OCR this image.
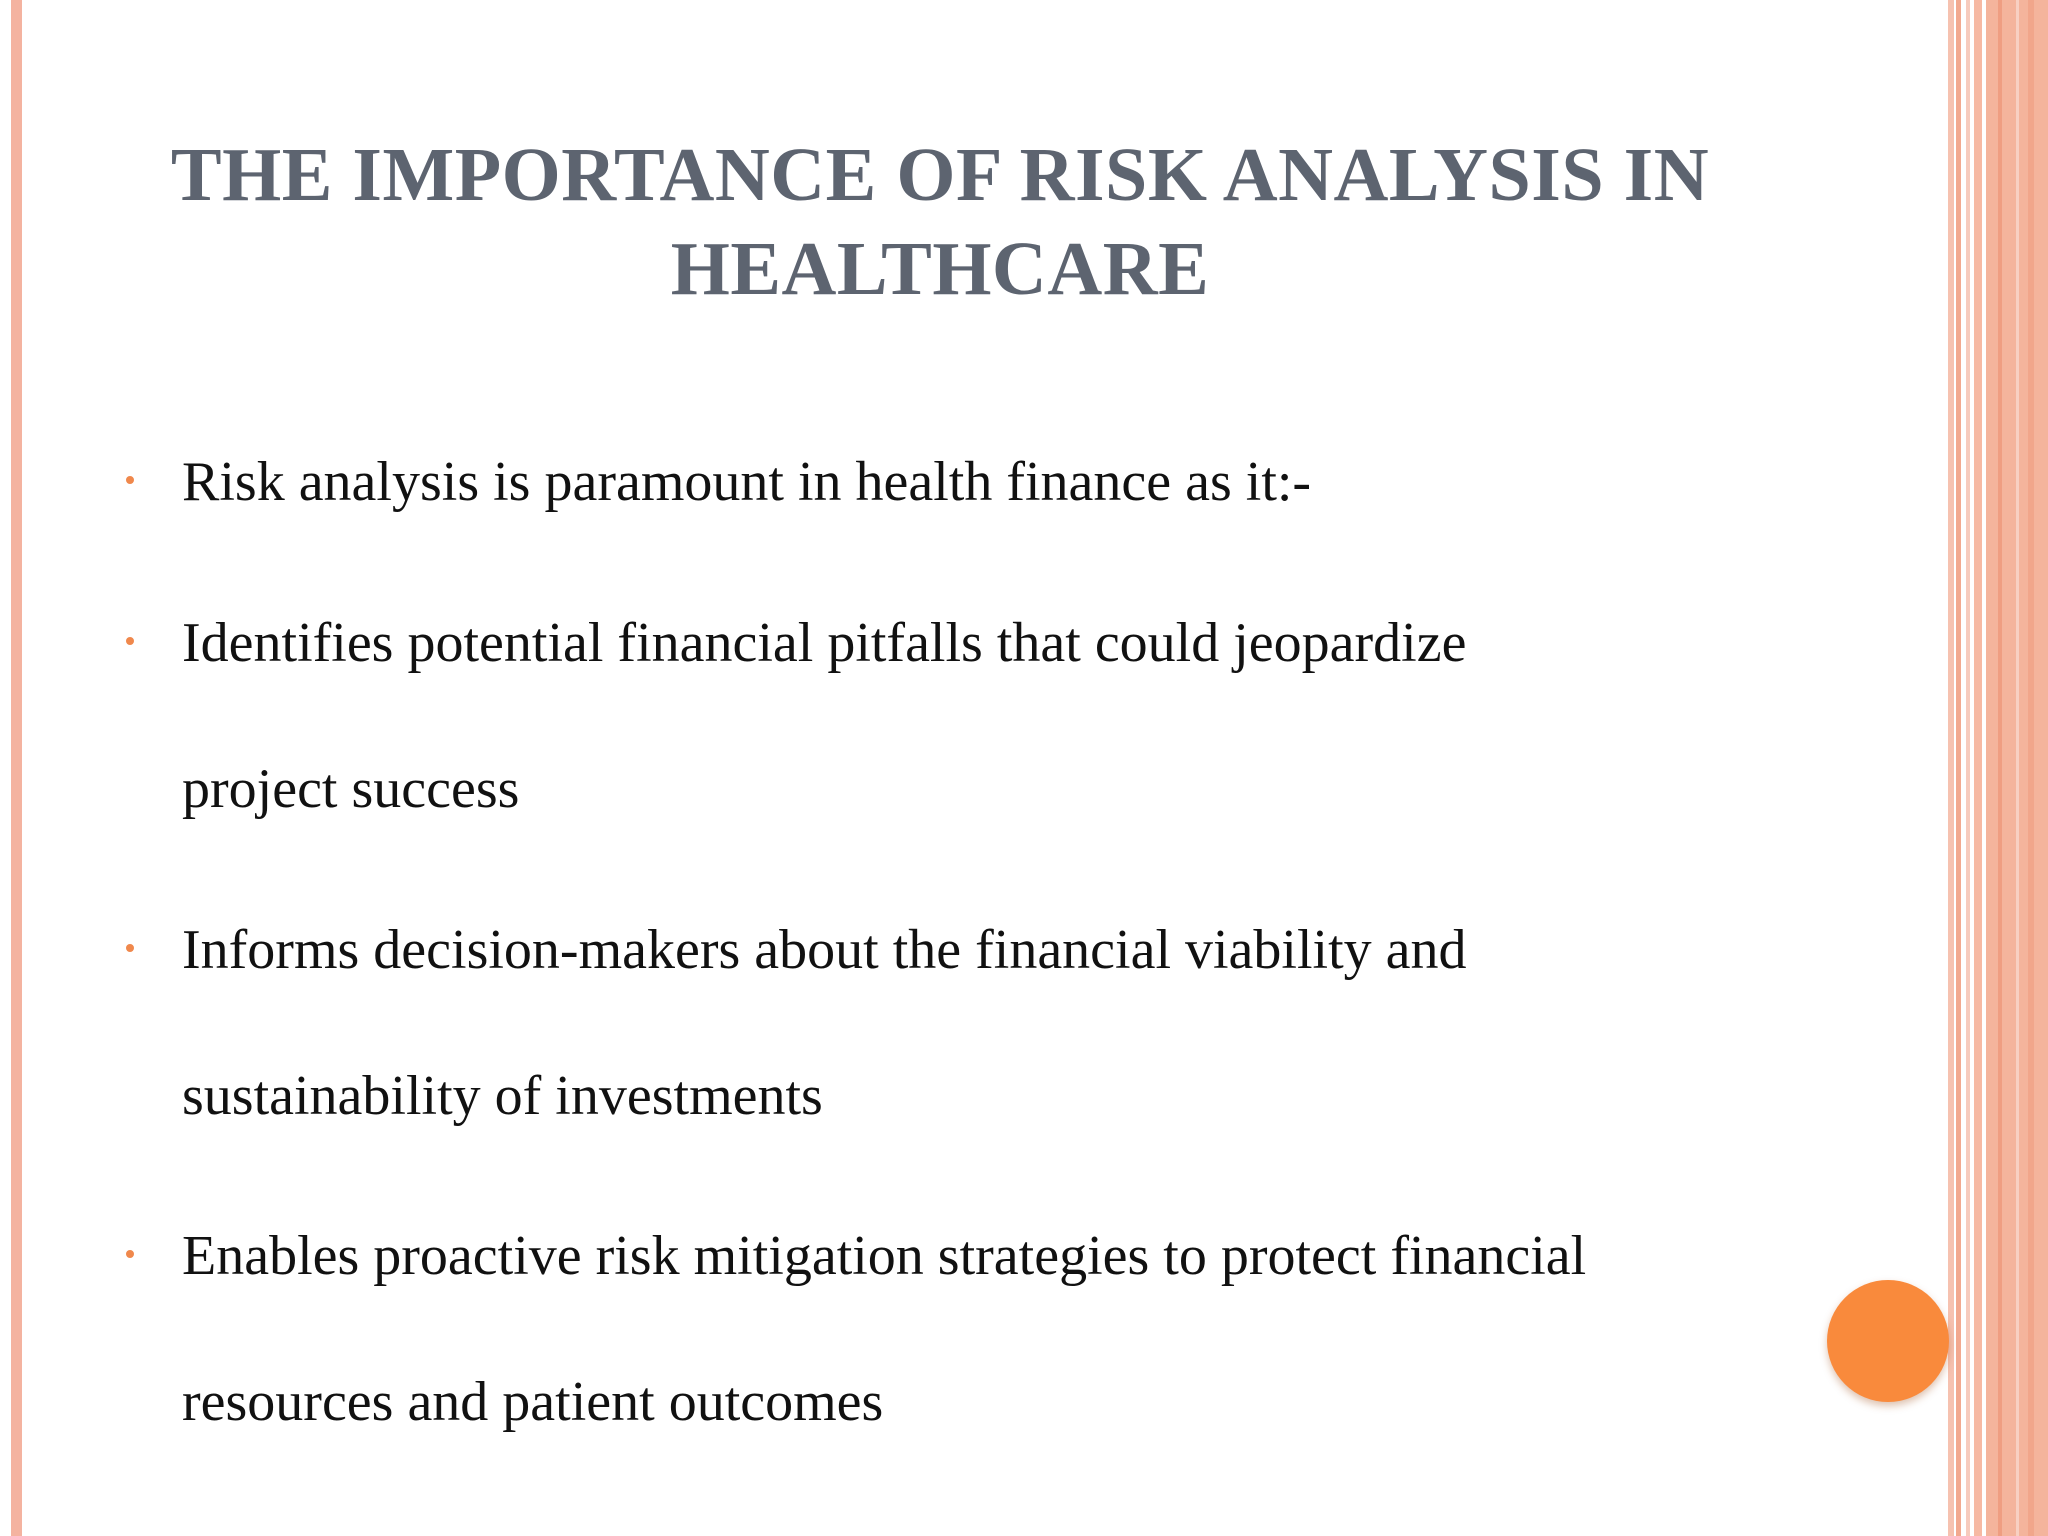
THE IMPORTANCE OF RISK ANALYSIS IN
HEALTHCARE
Risk analysis is paramount in health finance as it:-
Identifies potential financial pitfalls that could jeopardize
project success
Informs decision-makers about the financial viability and
sustainability of investments
Enables proactive risk mitigation strategies to protect financial
resources and patient outcomes
